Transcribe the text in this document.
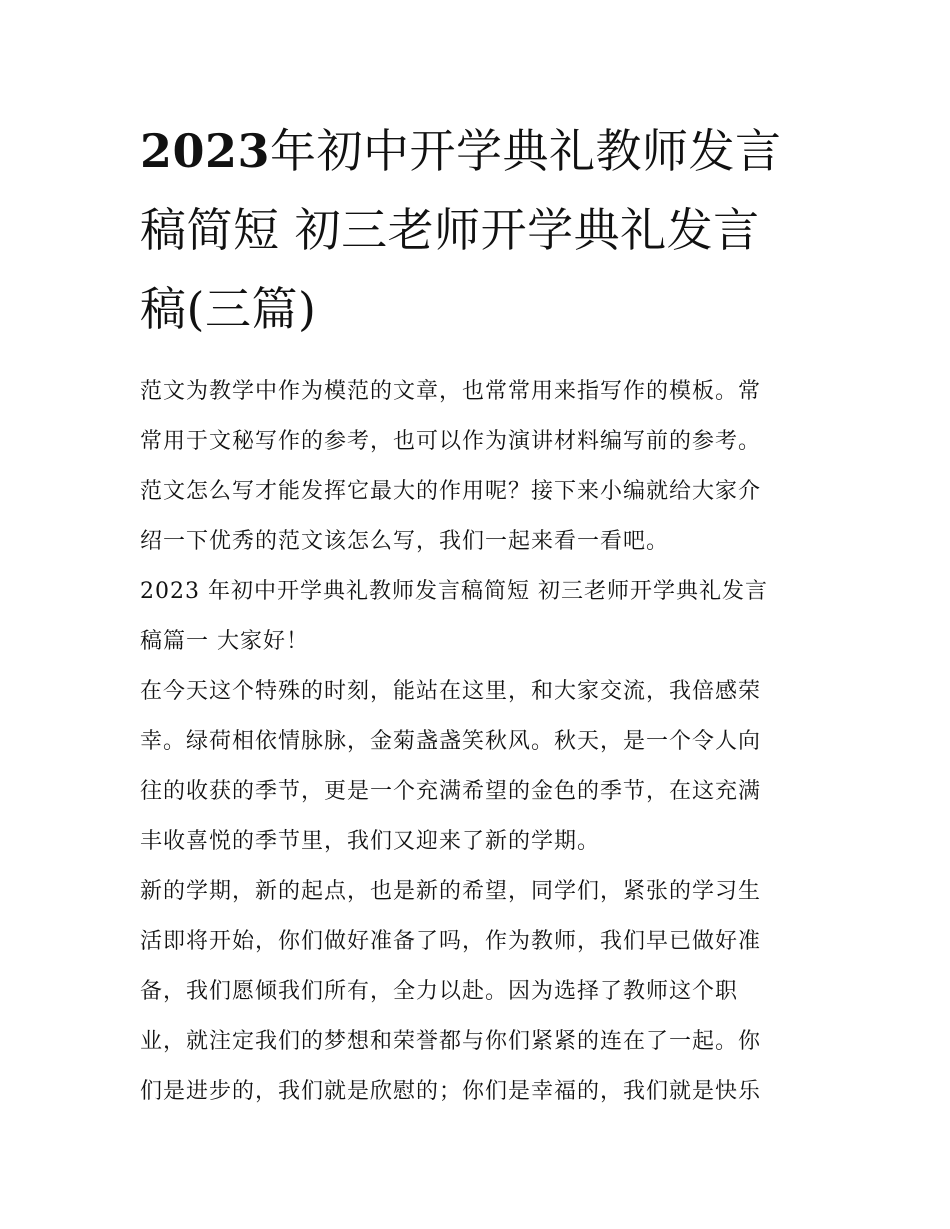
2023年初中开学典礼教师发言
稿简短 初三老师开学典礼发言
稿(三篇)

范文为教学中作为模范的文章，也常常用来指写作的模板。常
常用于文秘写作的参考，也可以作为演讲材料编写前的参考。
范文怎么写才能发挥它最大的作用呢？接下来小编就给大家介
绍一下优秀的范文该怎么写，我们一起来看一看吧。

2023 年初中开学典礼教师发言稿简短 初三老师开学典礼发言
稿篇一 大家好！

在今天这个特殊的时刻，能站在这里，和大家交流，我倍感荣
幸。绿荷相依情脉脉，金菊盏盏笑秋风。秋天，是一个令人向
往的收获的季节，更是一个充满希望的金色的季节，在这充满
丰收喜悦的季节里，我们又迎来了新的学期。

新的学期，新的起点，也是新的希望，同学们，紧张的学习生
活即将开始，你们做好准备了吗，作为教师，我们早已做好准
备，我们愿倾我们所有，全力以赴。因为选择了教师这个职
业，就注定我们的梦想和荣誉都与你们紧紧的连在了一起。你
们是进步的，我们就是欣慰的；你们是幸福的，我们就是快乐
